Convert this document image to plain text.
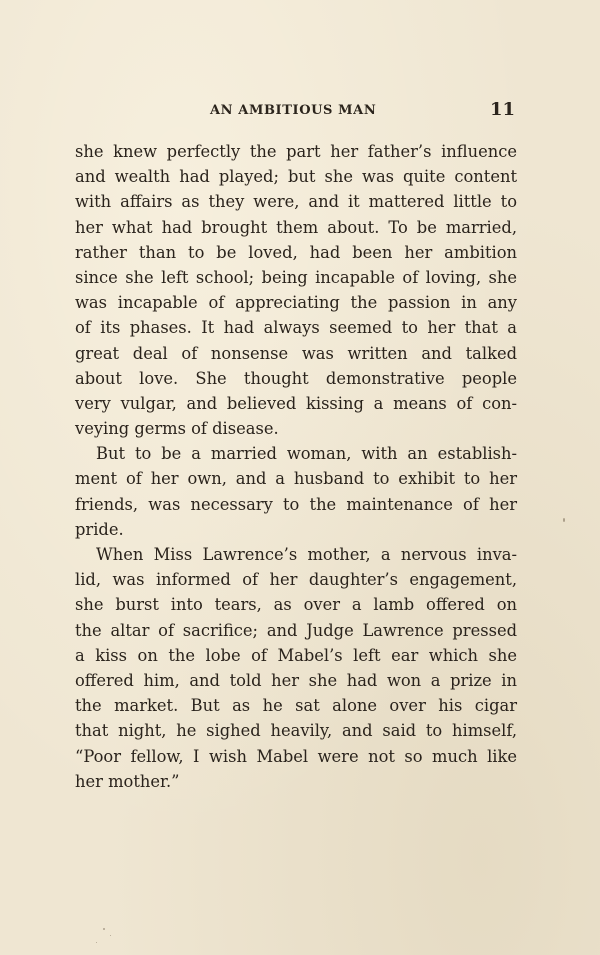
AN AMBITIOUS MAN	11
she knew perfectly the part her father’s influence
and wealth had played; but she was quite content
with affairs as they were, and it mattered little to
her what had brought them about. To be married,
rather than to be loved, had been her ambition
since she left school; being incapable of loving, she
was incapable of appreciating the passion in any
of its phases. It had always seemed to her that a
great deal of nonsense was written and talked
about love. She thought demonstrative people
very vulgar, and believed kissing a means of con-
veying germs of disease.
But to be a married woman, with an establish-
ment of her own, and a husband to exhibit to her
friends, was necessary to the maintenance of her
pride.
When Miss Lawrence’s mother, a nervous inva-
lid, was informed of her daughter’s engagement,
she burst into tears, as over a lamb offered on
the altar of sacrifice; and Judge Lawrence pressed
a kiss on the lobe of Mabel’s left ear which she
offered him, and told her she had won a prize in
the market. But as he sat alone over his cigar
that night, he sighed heavily, and said to himself,
“Poor fellow, I wish Mabel were not so much like
her mother.”
